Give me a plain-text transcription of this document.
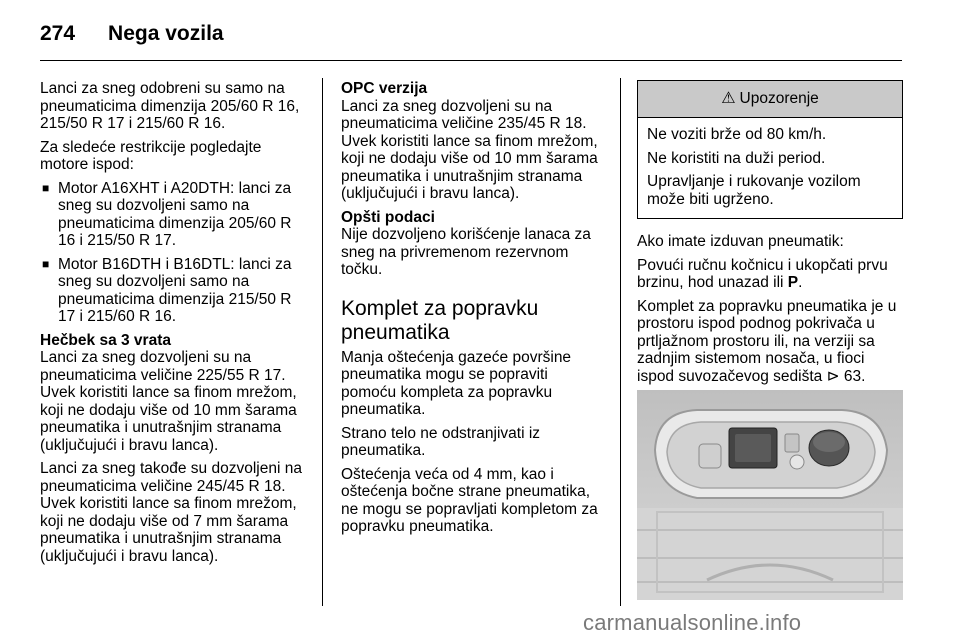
274 Nega vozila

Lanci za sneg odobreni su samo na pneumaticima dimenzija 205/60 R 16, 215/50 R 17 i 215/60 R 16.

Za sledeće restrikcije pogledajte motore ispod:

■ Motor A16XHT i A20DTH: lanci za sneg su dozvoljeni samo na pneumaticima dimenzija 205/60 R 16 i 215/50 R 17.
■ Motor B16DTH i B16DTL: lanci za sneg su dozvoljeni samo na pneumaticima dimenzija 215/50 R 17 i 215/60 R 16.

Hečbek sa 3 vrata

Lanci za sneg dozvoljeni su na pneumaticima veličine 225/55 R 17. Uvek koristiti lance sa finom mrežom, koji ne dodaju više od 10 mm šarama pneumatika i unutrašnjim stranama (uključujući i bravu lanca).

Lanci za sneg takođe su dozvoljeni na pneumaticima veličine 245/45 R 18. Uvek koristiti lance sa finom mrežom, koji ne dodaju više od 7 mm šarama pneumatika i unutrašnjim stranama (uključujući i bravu lanca).

OPC verzija

Lanci za sneg dozvoljeni su na pneumaticima veličine 235/45 R 18. Uvek koristiti lance sa finom mrežom, koji ne dodaju više od 10 mm šarama pneumatika i unutrašnjim stranama (uključujući i bravu lanca).

Opšti podaci

Nije dozvoljeno korišćenje lanaca za sneg na privremenom rezervnom točku.

Komplet za popravku pneumatika

Manja oštećenja gazeće površine pneumatika mogu se popraviti pomoću kompleta za popravku pneumatika.

Strano telo ne odstranjivati iz pneumatika.

Oštećenja veća od 4 mm, kao i oštećenja bočne strane pneumatika, ne mogu se popravljati kompletom za popravku pneumatika.

⚠ Upozorenje

Ne voziti brže od 80 km/h.

Ne koristiti na duži period.

Upravljanje i rukovanje vozilom može biti ugrženo.

Ako imate izduvan pneumatik:

Povući ručnu kočnicu i ukopčati prvu brzinu, hod unazad ili P.

Komplet za popravku pneumatika je u prostoru ispod podnog pokrivača u prtljažnom prostoru ili, na verziji sa zadnjim sistemom nosača, u fioci ispod suvozačevog sedišta ⊳ 63.

carmanualsonline.info
